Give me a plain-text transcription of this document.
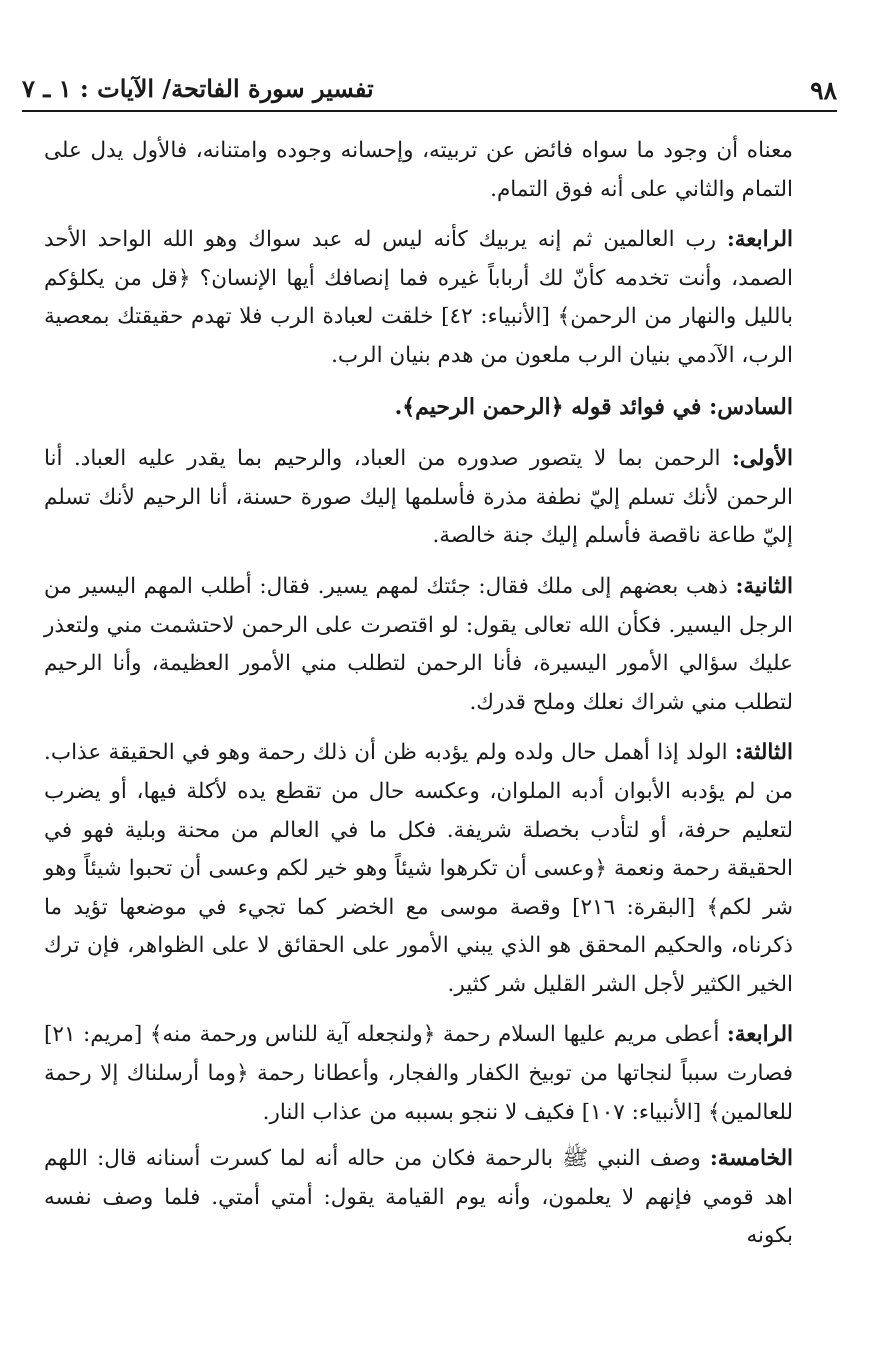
٩٨
تفسير سورة الفاتحة/ الآيات : ١ ـ ٧

معناه أن وجود ما سواه فائض عن تربيته، وإحسانه وجوده وامتنانه، فالأول يدل على التمام والثاني على أنه فوق التمام.

الرابعة: رب العالمين ثم إنه يربيك كأنه ليس له عبد سواك وهو الله الواحد الأحد الصمد، وأنت تخدمه كأنّ لك أرباباً غيره فما إنصافك أيها الإنسان؟ ﴿قل من يكلؤكم بالليل والنهار من الرحمن﴾ [الأنبياء: ٤٢] خلقت لعبادة الرب فلا تهدم حقيقتك بمعصية الرب، الآدمي بنيان الرب ملعون من هدم بنيان الرب.

السادس: في فوائد قوله ﴿الرحمن الرحيم﴾.

الأولى: الرحمن بما لا يتصور صدوره من العباد، والرحيم بما يقدر عليه العباد. أنا الرحمن لأنك تسلم إليّ نطفة مذرة فأسلمها إليك صورة حسنة، أنا الرحيم لأنك تسلم إليّ طاعة ناقصة فأسلم إليك جنة خالصة.

الثانية: ذهب بعضهم إلى ملك فقال: جئتك لمهم يسير. فقال: أطلب المهم اليسير من الرجل اليسير. فكأن الله تعالى يقول: لو اقتصرت على الرحمن لاحتشمت مني ولتعذر عليك سؤالي الأمور اليسيرة، فأنا الرحمن لتطلب مني الأمور العظيمة، وأنا الرحيم لتطلب مني شراك نعلك وملح قدرك.

الثالثة: الولد إذا أهمل حال ولده ولم يؤدبه ظن أن ذلك رحمة وهو في الحقيقة عذاب. من لم يؤدبه الأبوان أدبه الملوان، وعكسه حال من تقطع يده لأكلة فيها، أو يضرب لتعليم حرفة، أو لتأدب بخصلة شريفة. فكل ما في العالم من محنة وبلية فهو في الحقيقة رحمة ونعمة ﴿وعسى أن تكرهوا شيئاً وهو خير لكم وعسى أن تحبوا شيئاً وهو شر لكم﴾ [البقرة: ٢١٦] وقصة موسى مع الخضر كما تجيء في موضعها تؤيد ما ذكرناه، والحكيم المحقق هو الذي يبني الأمور على الحقائق لا على الظواهر، فإن ترك الخير الكثير لأجل الشر القليل شر كثير.

الرابعة: أعطى مريم عليها السلام رحمة ﴿ولنجعله آية للناس ورحمة منه﴾ [مريم: ٢١] فصارت سبباً لنجاتها من توبيخ الكفار والفجار، وأعطانا رحمة ﴿وما أرسلناك إلا رحمة للعالمين﴾ [الأنبياء: ١٠٧] فكيف لا ننجو بسببه من عذاب النار.

الخامسة: وصف النبي ﷺ بالرحمة فكان من حاله أنه لما كسرت أسنانه قال: اللهم اهد قومي فإنهم لا يعلمون، وأنه يوم القيامة يقول: أمتي أمتي. فلما وصف نفسه بكونه
